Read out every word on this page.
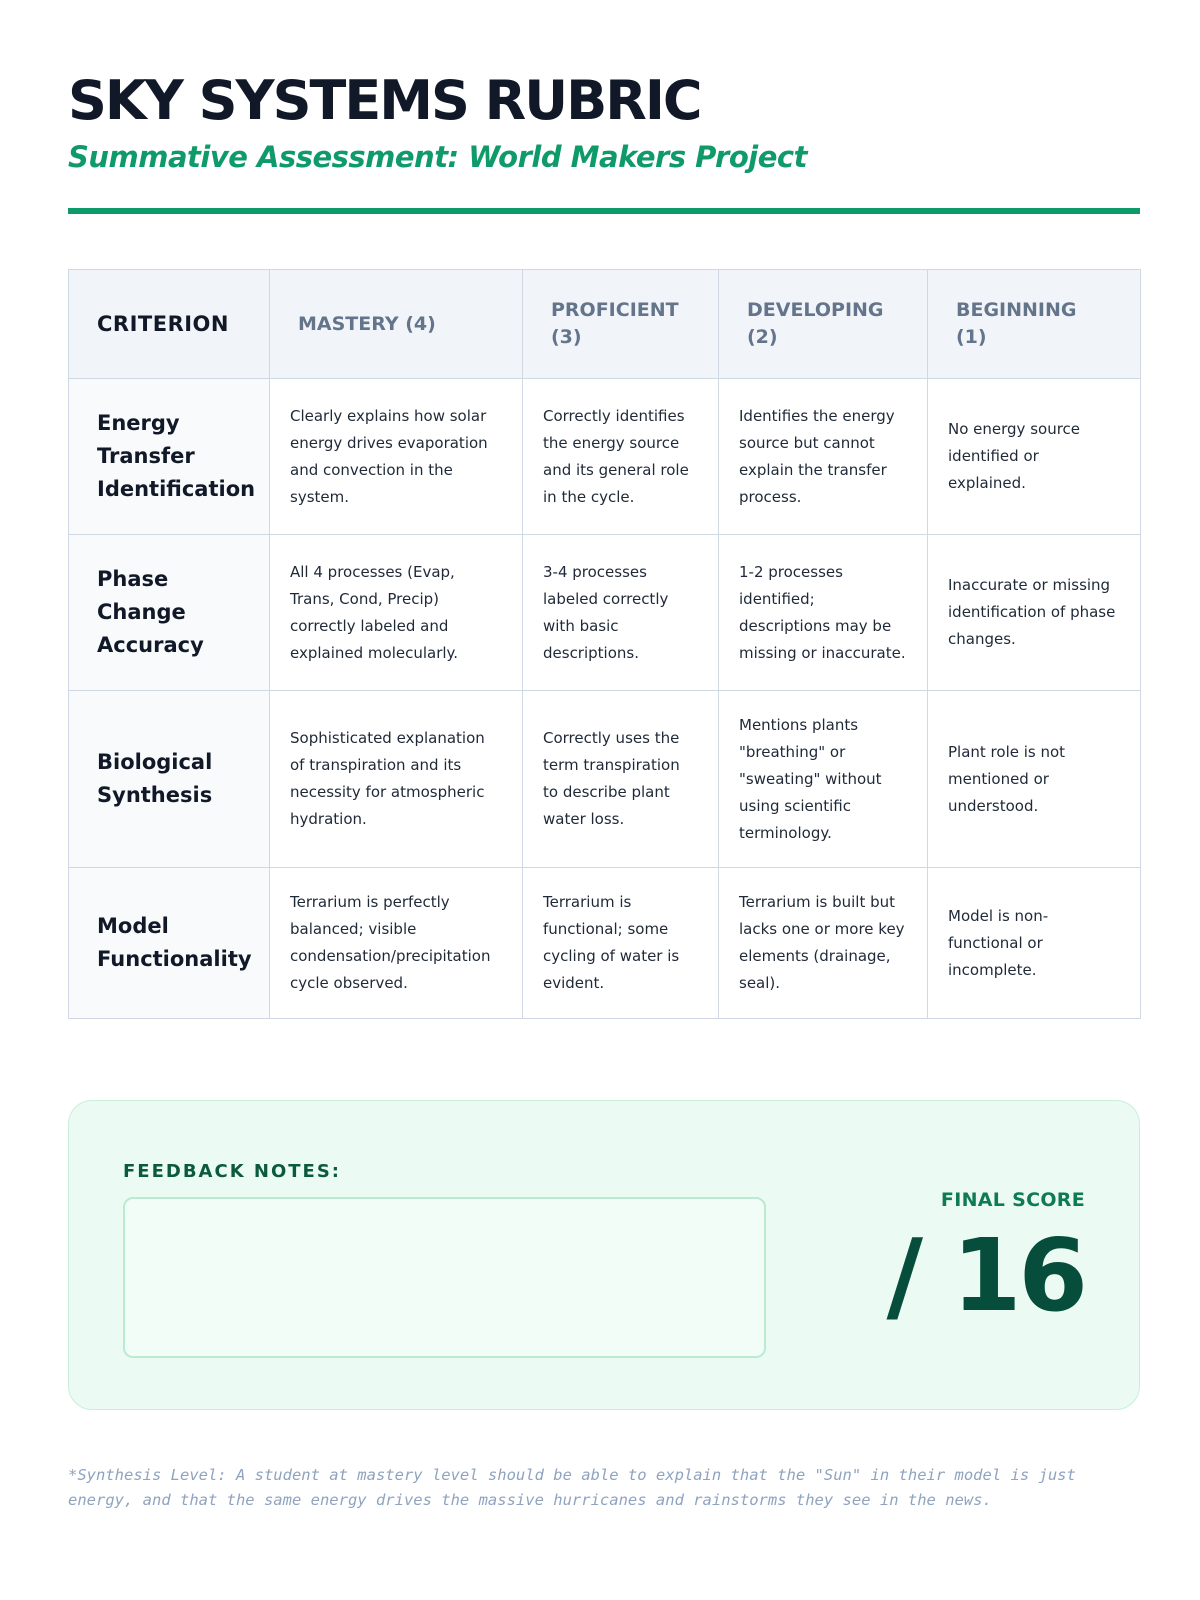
SKY SYSTEMS RUBRIC
Summative Assessment: World Makers Project
CRITERION	MASTERY (4)	PROFICIENT (3)	DEVELOPING (2)	BEGINNING (1)
Energy Transfer Identification	Clearly explains how solar energy drives evaporation and convection in the system.	Correctly identifies the energy source and its general role in the cycle.	Identifies the energy source but cannot explain the transfer process.	No energy source identified or explained.
Phase Change Accuracy	All 4 processes (Evap, Trans, Cond, Precip) correctly labeled and explained molecularly.	3-4 processes labeled correctly with basic descriptions.	1-2 processes identified; descriptions may be missing or inaccurate.	Inaccurate or missing identification of phase changes.
Biological Synthesis	Sophisticated explanation of transpiration and its necessity for atmospheric hydration.	Correctly uses the term transpiration to describe plant water loss.	Mentions plants "breathing" or "sweating" without using scientific terminology.	Plant role is not mentioned or understood.
Model Functionality	Terrarium is perfectly balanced; visible condensation/precipitation cycle observed.	Terrarium is functional; some cycling of water is evident.	Terrarium is built but lacks one or more key elements (drainage, seal).	Model is non-functional or incomplete.
FEEDBACK NOTES:
FINAL SCORE
/ 16

*Synthesis Level: A student at mastery level should be able to explain that the "Sun" in their model is just energy, and that the same energy drives the massive hurricanes and rainstorms they see in the news.
